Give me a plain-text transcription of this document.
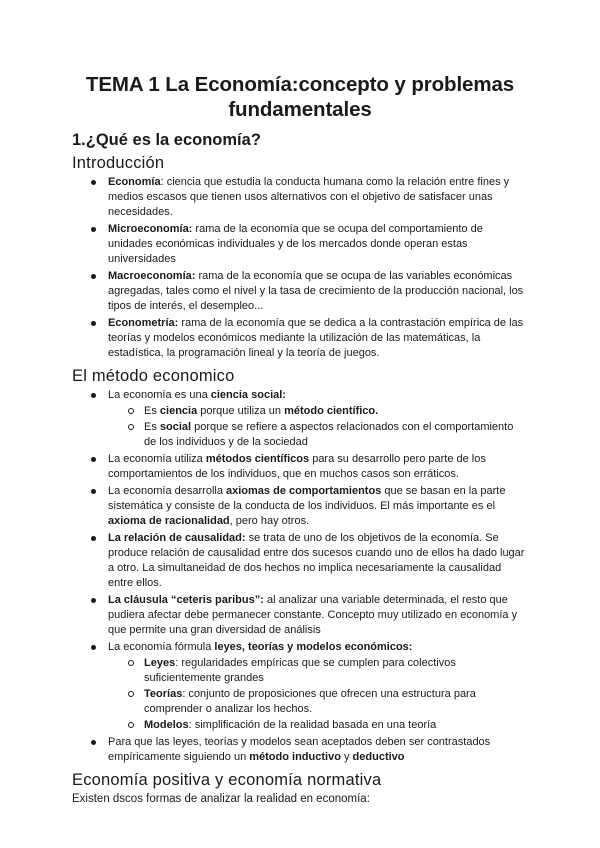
TEMA 1 La Economía:concepto y problemas fundamentales
1.¿Qué es la economía?
Introducción
Economía: ciencia que estudia la conducta humana como la relación entre fines y medios escasos que tienen usos alternativos con el objetivo de satisfacer unas necesidades.
Microeconomía: rama de la economía que se ocupa del comportamiento de unidades económicas individuales y de los mercados donde operan estas universidades
Macroeconomía: rama de la economía que se ocupa de las variables económicas agregadas, tales como el nivel y la tasa de crecimiento de la producción nacional, los tipos de interés, el desempleo...
Econometría: rama de la economía que se dedica a la contrastación empírica de las teorías y modelos económicos mediante la utilización de las matemáticas, la estadística, la programación lineal y la teoría de juegos.
El método economico
La economía es una ciencia social:
Es ciencia porque utiliza un método científico.
Es social porque se refiere a aspectos relacionados con el comportamiento de los individuos y de la sociedad
La economía utiliza métodos científicos para su desarrollo pero parte de los comportamientos de los individuos, que en muchos casos son erráticos.
La economía desarrolla axiomas de comportamientos que se basan en la parte sistemática y consiste de la conducta de los individuos. El más importante es el axioma de racionalidad, pero hay otros.
La relación de causalidad: se trata de uno de los objetivos de la economía. Se produce relación de causalidad entre dos sucesos cuando uno de ellos ha dado lugar a otro. La simultaneidad de dos hechos no implica necesariamente la causalidad entre ellos.
La cláusula “ceteris paribus”: al analizar una variable determinada, el resto que pudiera afectar debe permanecer constante. Concepto muy utilizado en economía y que permite una gran diversidad de análisis
La economía fórmula leyes, teorías y modelos económicos:
Leyes: regularidades empíricas que se cumplen para colectivos suficientemente grandes
Teorías: conjunto de proposiciones que ofrecen una estructura para comprender o analizar los hechos.
Modelos: simplificación de la realidad basada en una teoría
Para que las leyes, teorías y modelos sean aceptados deben ser contrastados empíricamente siguiendo un método inductivo y deductivo
Economía positiva y economía normativa

Existen dscos formas de analizar la realidad en economía:
